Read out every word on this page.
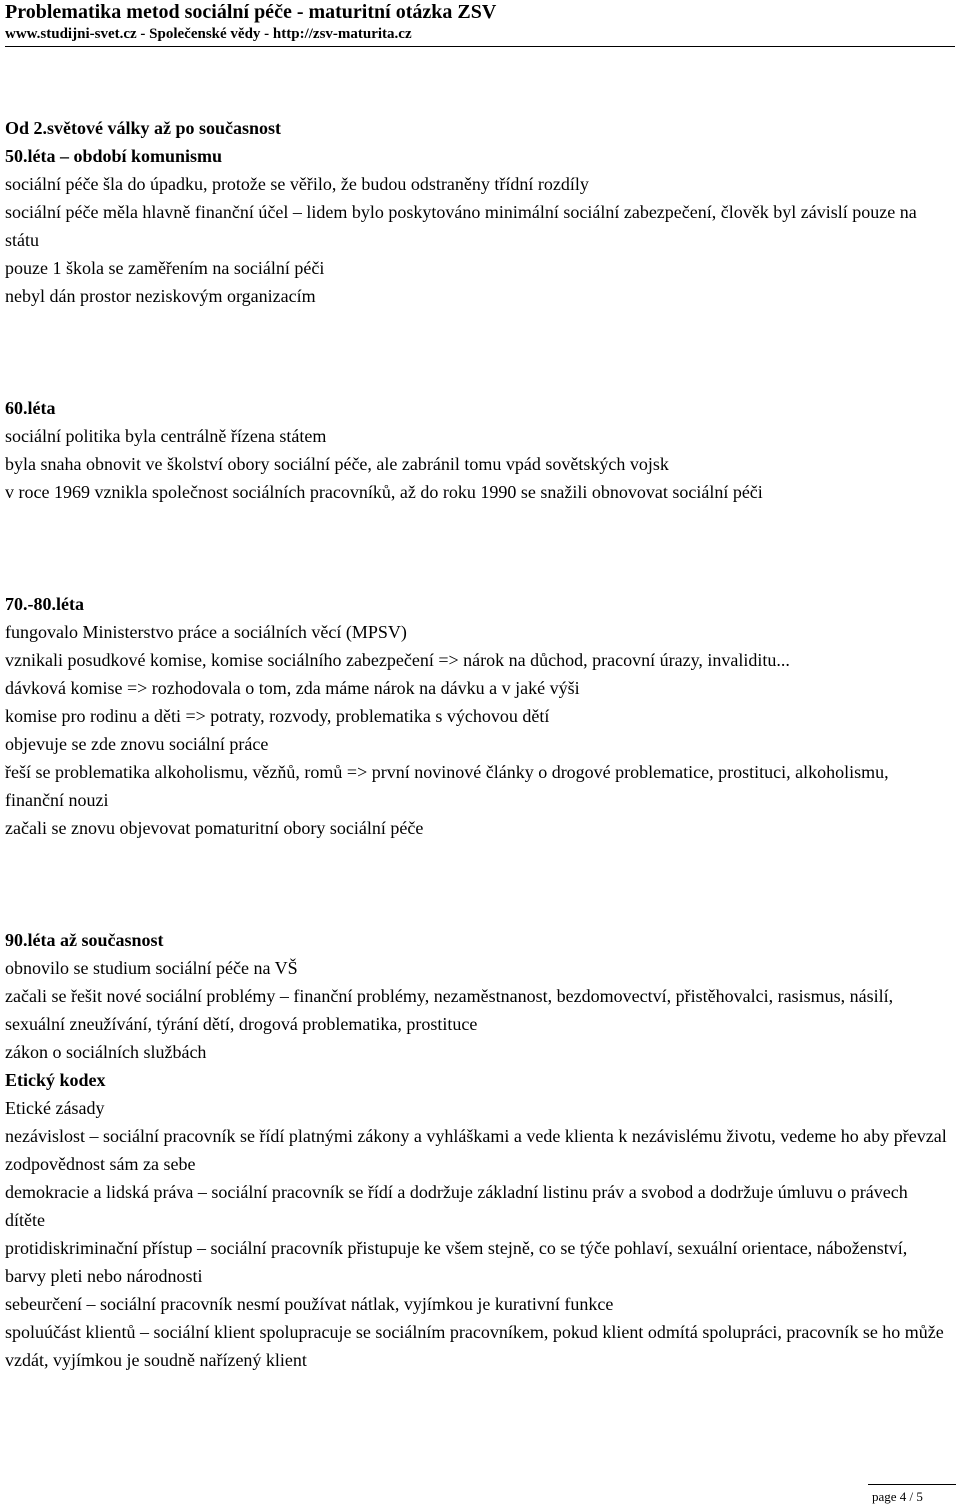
Problematika metod sociální péče - maturitní otázka ZSV
www.studijni-svet.cz - Společenské vědy - http://zsv-maturita.cz

Od 2.světové války až po současnost

50.léta – období komunismu

sociální péče šla do úpadku, protože se věřilo, že budou odstraněny třídní rozdíly

sociální péče měla hlavně finanční účel – lidem bylo poskytováno minimální sociální zabezpečení, člověk byl závislí pouze na státu

pouze 1 škola se zaměřením na sociální péči

nebyl dán prostor neziskovým organizacím

60.léta

sociální politika byla centrálně řízena státem

byla snaha obnovit ve školství obory sociální péče, ale zabránil tomu vpád sovětských vojsk

v roce 1969 vznikla společnost sociálních pracovníků, až do roku 1990 se snažili obnovovat sociální péči

70.-80.léta

fungovalo Ministerstvo práce a sociálních věcí (MPSV)

vznikali posudkové komise, komise sociálního zabezpečení => nárok na důchod, pracovní úrazy, invaliditu...

dávková komise => rozhodovala o tom, zda máme nárok na dávku a v jaké výši

komise pro rodinu a děti => potraty, rozvody, problematika s výchovou dětí

objevuje se zde znovu sociální práce

řeší se problematika alkoholismu, vězňů, romů => první novinové články o drogové problematice, prostituci, alkoholismu, finanční nouzi

začali se znovu objevovat pomaturitní obory sociální péče

90.léta až současnost

obnovilo se studium sociální péče na VŠ

začali se řešit nové sociální problémy – finanční problémy, nezaměstnanost, bezdomovectví, přistěhovalci, rasismus, násilí, sexuální zneužívání, týrání dětí, drogová problematika, prostituce

zákon o sociálních službách

Etický kodex

Etické zásady

nezávislost – sociální pracovník se řídí platnými zákony a vyhláškami a vede klienta k nezávislému životu, vedeme ho aby převzal zodpovědnost sám za sebe

demokracie a lidská práva – sociální pracovník se řídí a dodržuje základní listinu práv a svobod a dodržuje úmluvu o právech dítěte

protidiskriminační přístup – sociální pracovník přistupuje ke všem stejně, co se týče pohlaví, sexuální orientace, náboženství, barvy pleti nebo národnosti

sebeurčení – sociální pracovník nesmí používat nátlak, vyjímkou je kurativní funkce

spoluúčást klientů – sociální klient spolupracuje se sociálním pracovníkem, pokud klient odmítá spolupráci, pracovník se ho může vzdát, vyjímkou je soudně nařízený klient

page 4 / 5
